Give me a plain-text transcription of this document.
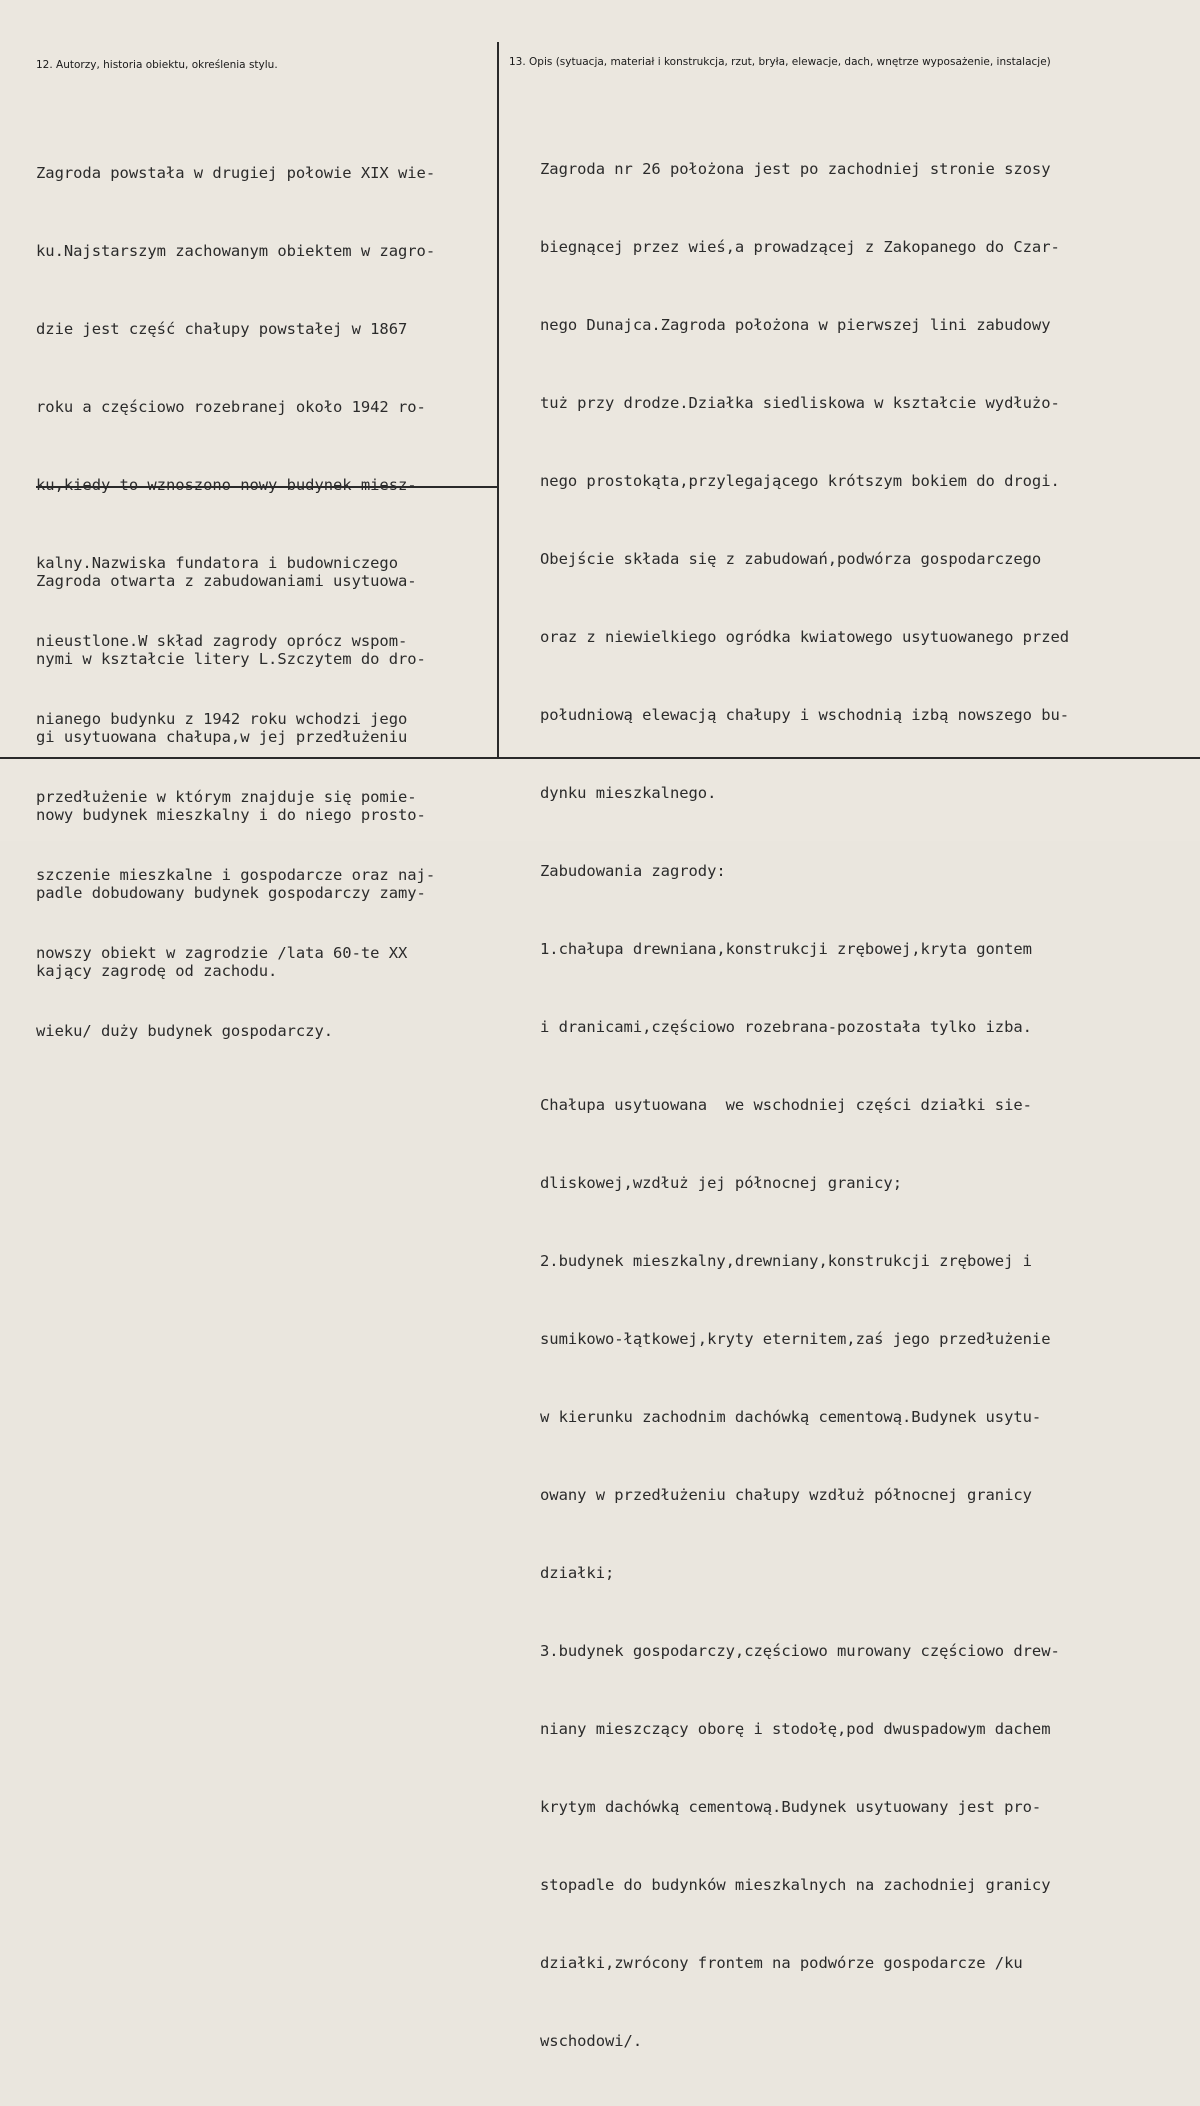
12. Autorzy, historia obiektu, określenia stylu.	13. Opis (sytuacja, materiał i konstrukcja, rzut, bryła, elewacje, dach, wnętrze wyposażenie, instalacje)

Zagroda powstała w drugiej połowie XIX wie-

ku.Najstarszym zachowanym obiektem w zagro-

dzie jest część chałupy powstałej w 1867

roku a częściowo rozebranej około 1942 ro-

ku,kiedy to wznoszono nowy budynek miesz-

kalny.Nazwiska fundatora i budowniczego

nieustlone.W skład zagrody oprócz wspom-

nianego budynku z 1942 roku wchodzi jego

przedłużenie w którym znajduje się pomie-

szczenie mieszkalne i gospodarcze oraz naj-

nowszy obiekt w zagrodzie /lata 60-te XX

wieku/ duży budynek gospodarczy.

Zagroda otwarta z zabudowaniami usytuowa-

nymi w kształcie litery L.Szczytem do dro-

gi usytuowana chałupa,w jej przedłużeniu

nowy budynek mieszkalny i do niego prosto-

padle dobudowany budynek gospodarczy zamy-

kający zagrodę od zachodu.

Zagroda nr 26 położona jest po zachodniej stronie szosy

biegnącej przez wieś,a prowadzącej z Zakopanego do Czar-

nego Dunajca.Zagroda położona w pierwszej lini zabudowy

tuż przy drodze.Działka siedliskowa w kształcie wydłużo-

nego prostokąta,przylegającego krótszym bokiem do drogi.

Obejście składa się z zabudowań,podwórza gospodarczego

oraz z niewielkiego ogródka kwiatowego usytuowanego przed

południową elewacją chałupy i wschodnią izbą nowszego bu-

dynku mieszkalnego.

Zabudowania zagrody:

1.chałupa drewniana,konstrukcji zrębowej,kryta gontem

i dranicami,częściowo rozebrana-pozostała tylko izba.

Chałupa usytuowana  we wschodniej części działki sie-

dliskowej,wzdłuż jej północnej granicy;

2.budynek mieszkalny,drewniany,konstrukcji zrębowej i

sumikowo-łątkowej,kryty eternitem,zaś jego przedłużenie

w kierunku zachodnim dachówką cementową.Budynek usytu-

owany w przedłużeniu chałupy wzdłuż północnej granicy

działki;

3.budynek gospodarczy,częściowo murowany częściowo drew-

niany mieszczący oborę i stodołę,pod dwuspadowym dachem

krytym dachówką cementową.Budynek usytuowany jest pro-

stopadle do budynków mieszkalnych na zachodniej granicy

działki,zwrócony frontem na podwórze gospodarcze /ku

wschodowi/.
